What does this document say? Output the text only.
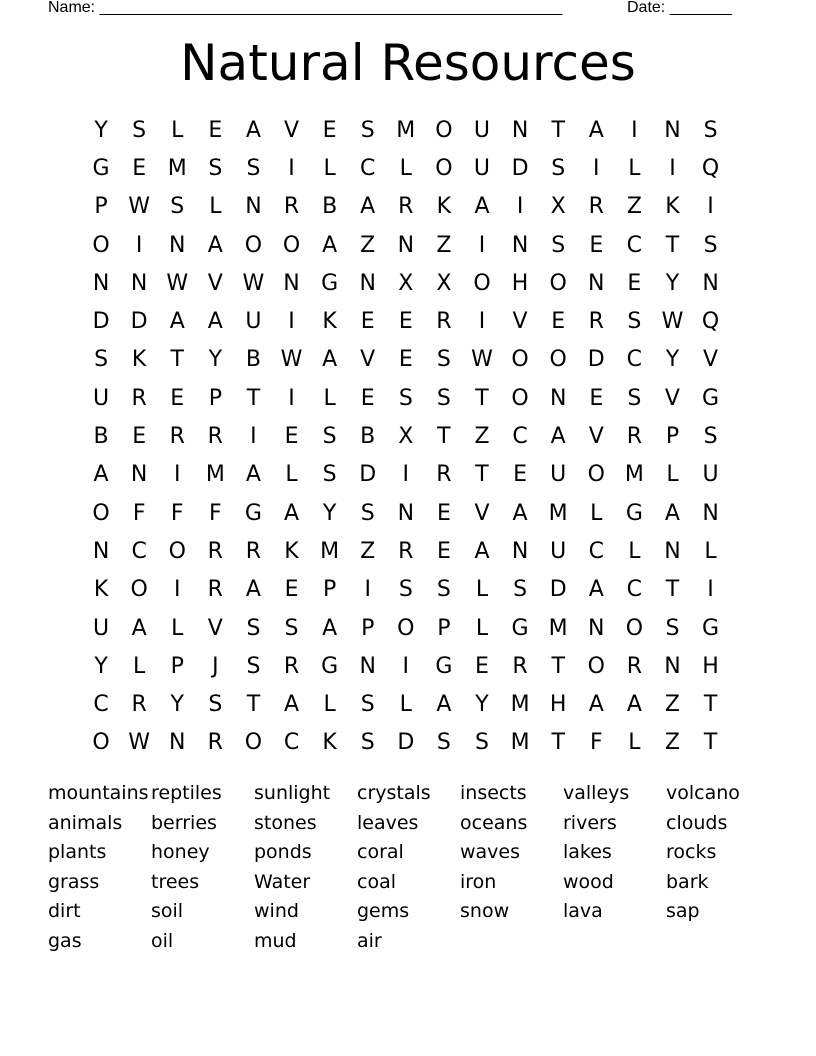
Name: ____________________________________________________	Date: _______
Natural Resources
Y	S	L	E	A	V	E	S M O U N	T	A	I	N	S
G	E M S	S	I	L	C	L	O U D	S	I	L	I	Q
P W S	L	N	R	B	A	R	K	A	I	X	R	Z	K	I
O	I	N	A O O A	Z	N	Z	I	N	S	E	C	T	S
N N W V W N G N	X	X O H O N	E	Y	N
D D	A	A	U	I	K	E	E	R	I	V	E	R	S W Q
S	K	T	Y	B W A	V	E	S W O O D C	Y	V
U	R	E	P	T	I	L	E	S	S	T	O N	E	S	V	G
B	E	R	R	I	E	S	B	X	T	Z	C	A	V	R	P	S
A	N	I	M A	L	S	D	I	R	T	E	U O M	L	U
O	F	F	F	G	A	Y	S	N	E	V	A M	L	G	A	N
N	C O R	R	K M Z	R	E	A	N U	C	L	N	L
K	O	I	R	A	E	P	I	S	S	L	S	D	A	C	T	I
U	A	L	V	S	S	A	P	O	P	L	G M N O	S	G
Y	L	P	J	S	R G N	I	G	E	R	T	O R	N H
C	R	Y	S	T	A	L	S	L	A	Y M H	A	A	Z	T
O W N	R O C	K	S	D	S	S M T	F	L	Z	T
mountains reptiles	sunlight	crystals	insects	valleys	volcano
animals	berries	stones	leaves	oceans	rivers	clouds
plants	honey	ponds	coral	waves	lakes	rocks
grass	trees	Water	coal	iron	wood	bark
dirt	soil	wind	gems	snow	lava	sap
gas	oil	mud	air
